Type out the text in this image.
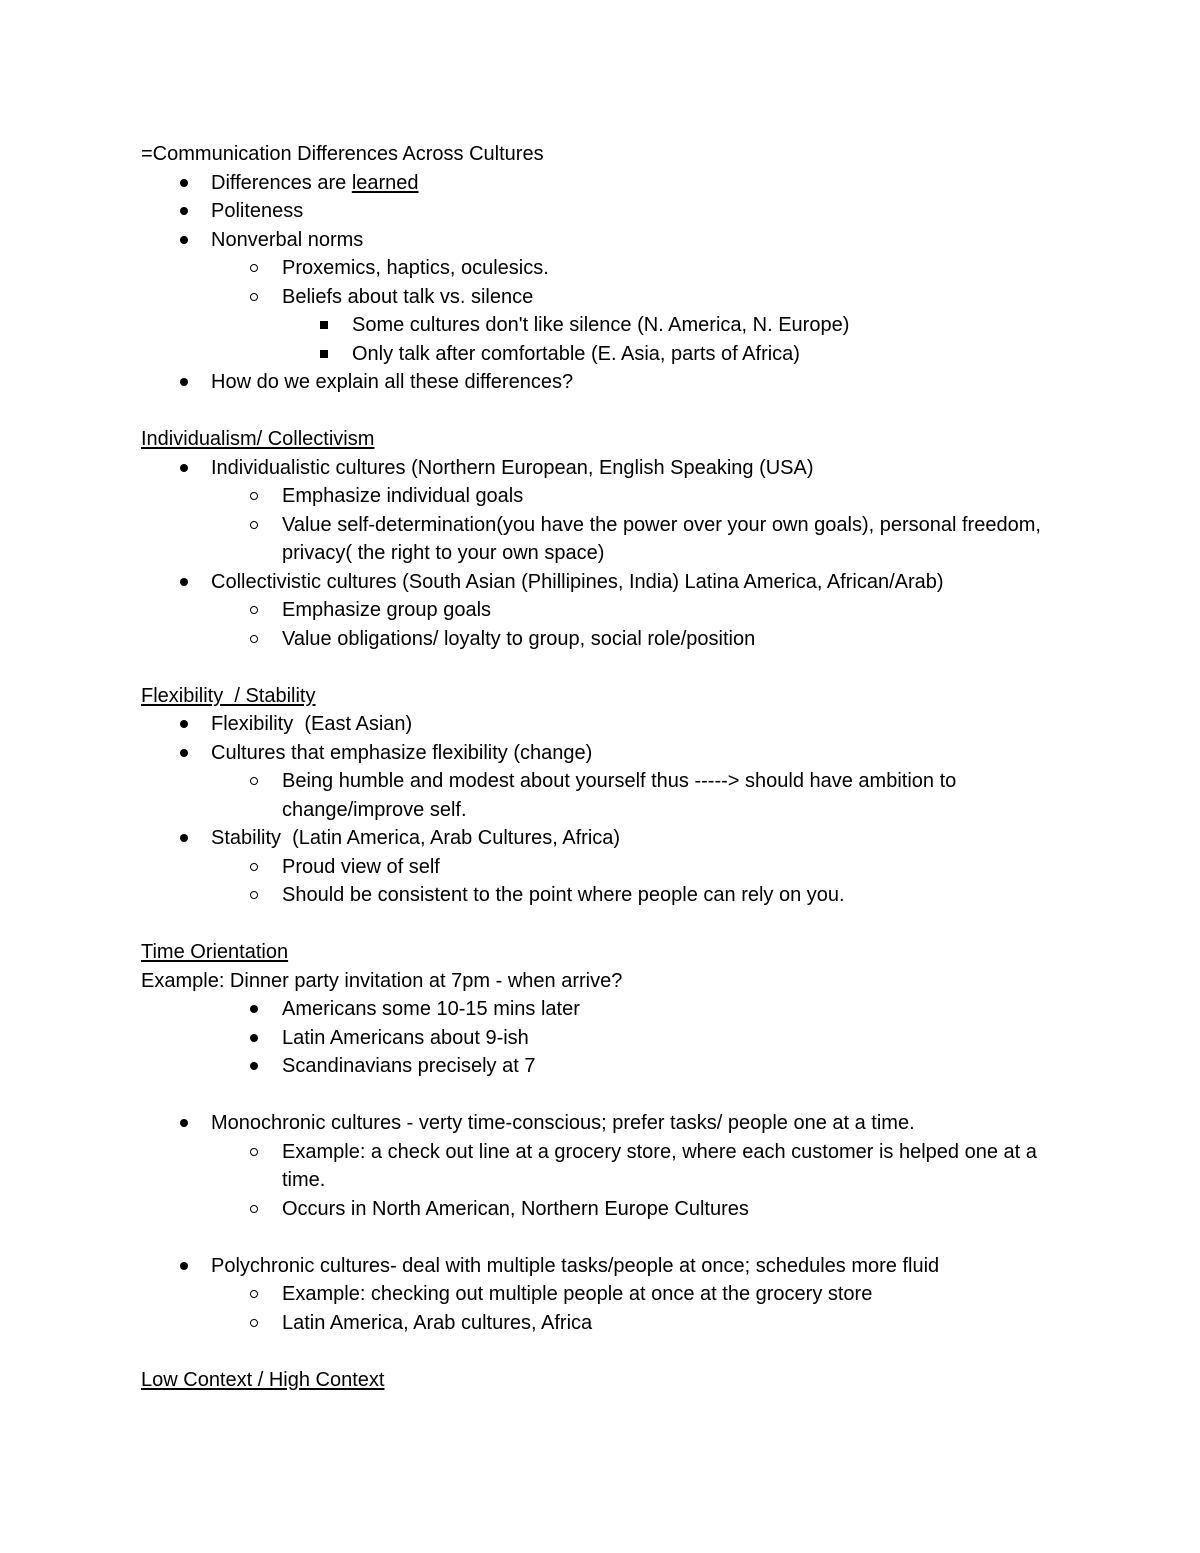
=Communication Differences Across Cultures
Differences are learned
Politeness
Nonverbal norms
Proxemics, haptics, oculesics.
Beliefs about talk vs. silence
Some cultures don't like silence (N. America, N. Europe)
Only talk after comfortable (E. Asia, parts of Africa)
How do we explain all these differences?
Individualism/ Collectivism
Individualistic cultures (Northern European, English Speaking (USA)
Emphasize individual goals
Value self-determination(you have the power over your own goals), personal freedom, privacy( the right to your own space)
Collectivistic cultures (South Asian (Phillipines, India) Latina America, African/Arab)
Emphasize group goals
Value obligations/ loyalty to group, social role/position
Flexibility  / Stability
Flexibility  (East Asian)
Cultures that emphasize flexibility (change)
Being humble and modest about yourself thus -----> should have ambition to change/improve self.
Stability  (Latin America, Arab Cultures, Africa)
Proud view of self
Should be consistent to the point where people can rely on you.
Time Orientation
Example: Dinner party invitation at 7pm - when arrive?
Americans some 10-15 mins later
Latin Americans about 9-ish
Scandinavians precisely at 7
Monochronic cultures - verty time-conscious; prefer tasks/ people one at a time.
Example: a check out line at a grocery store, where each customer is helped one at a time.
Occurs in North American, Northern Europe Cultures
Polychronic cultures- deal with multiple tasks/people at once; schedules more fluid
Example: checking out multiple people at once at the grocery store
Latin America, Arab cultures, Africa
Low Context / High Context
